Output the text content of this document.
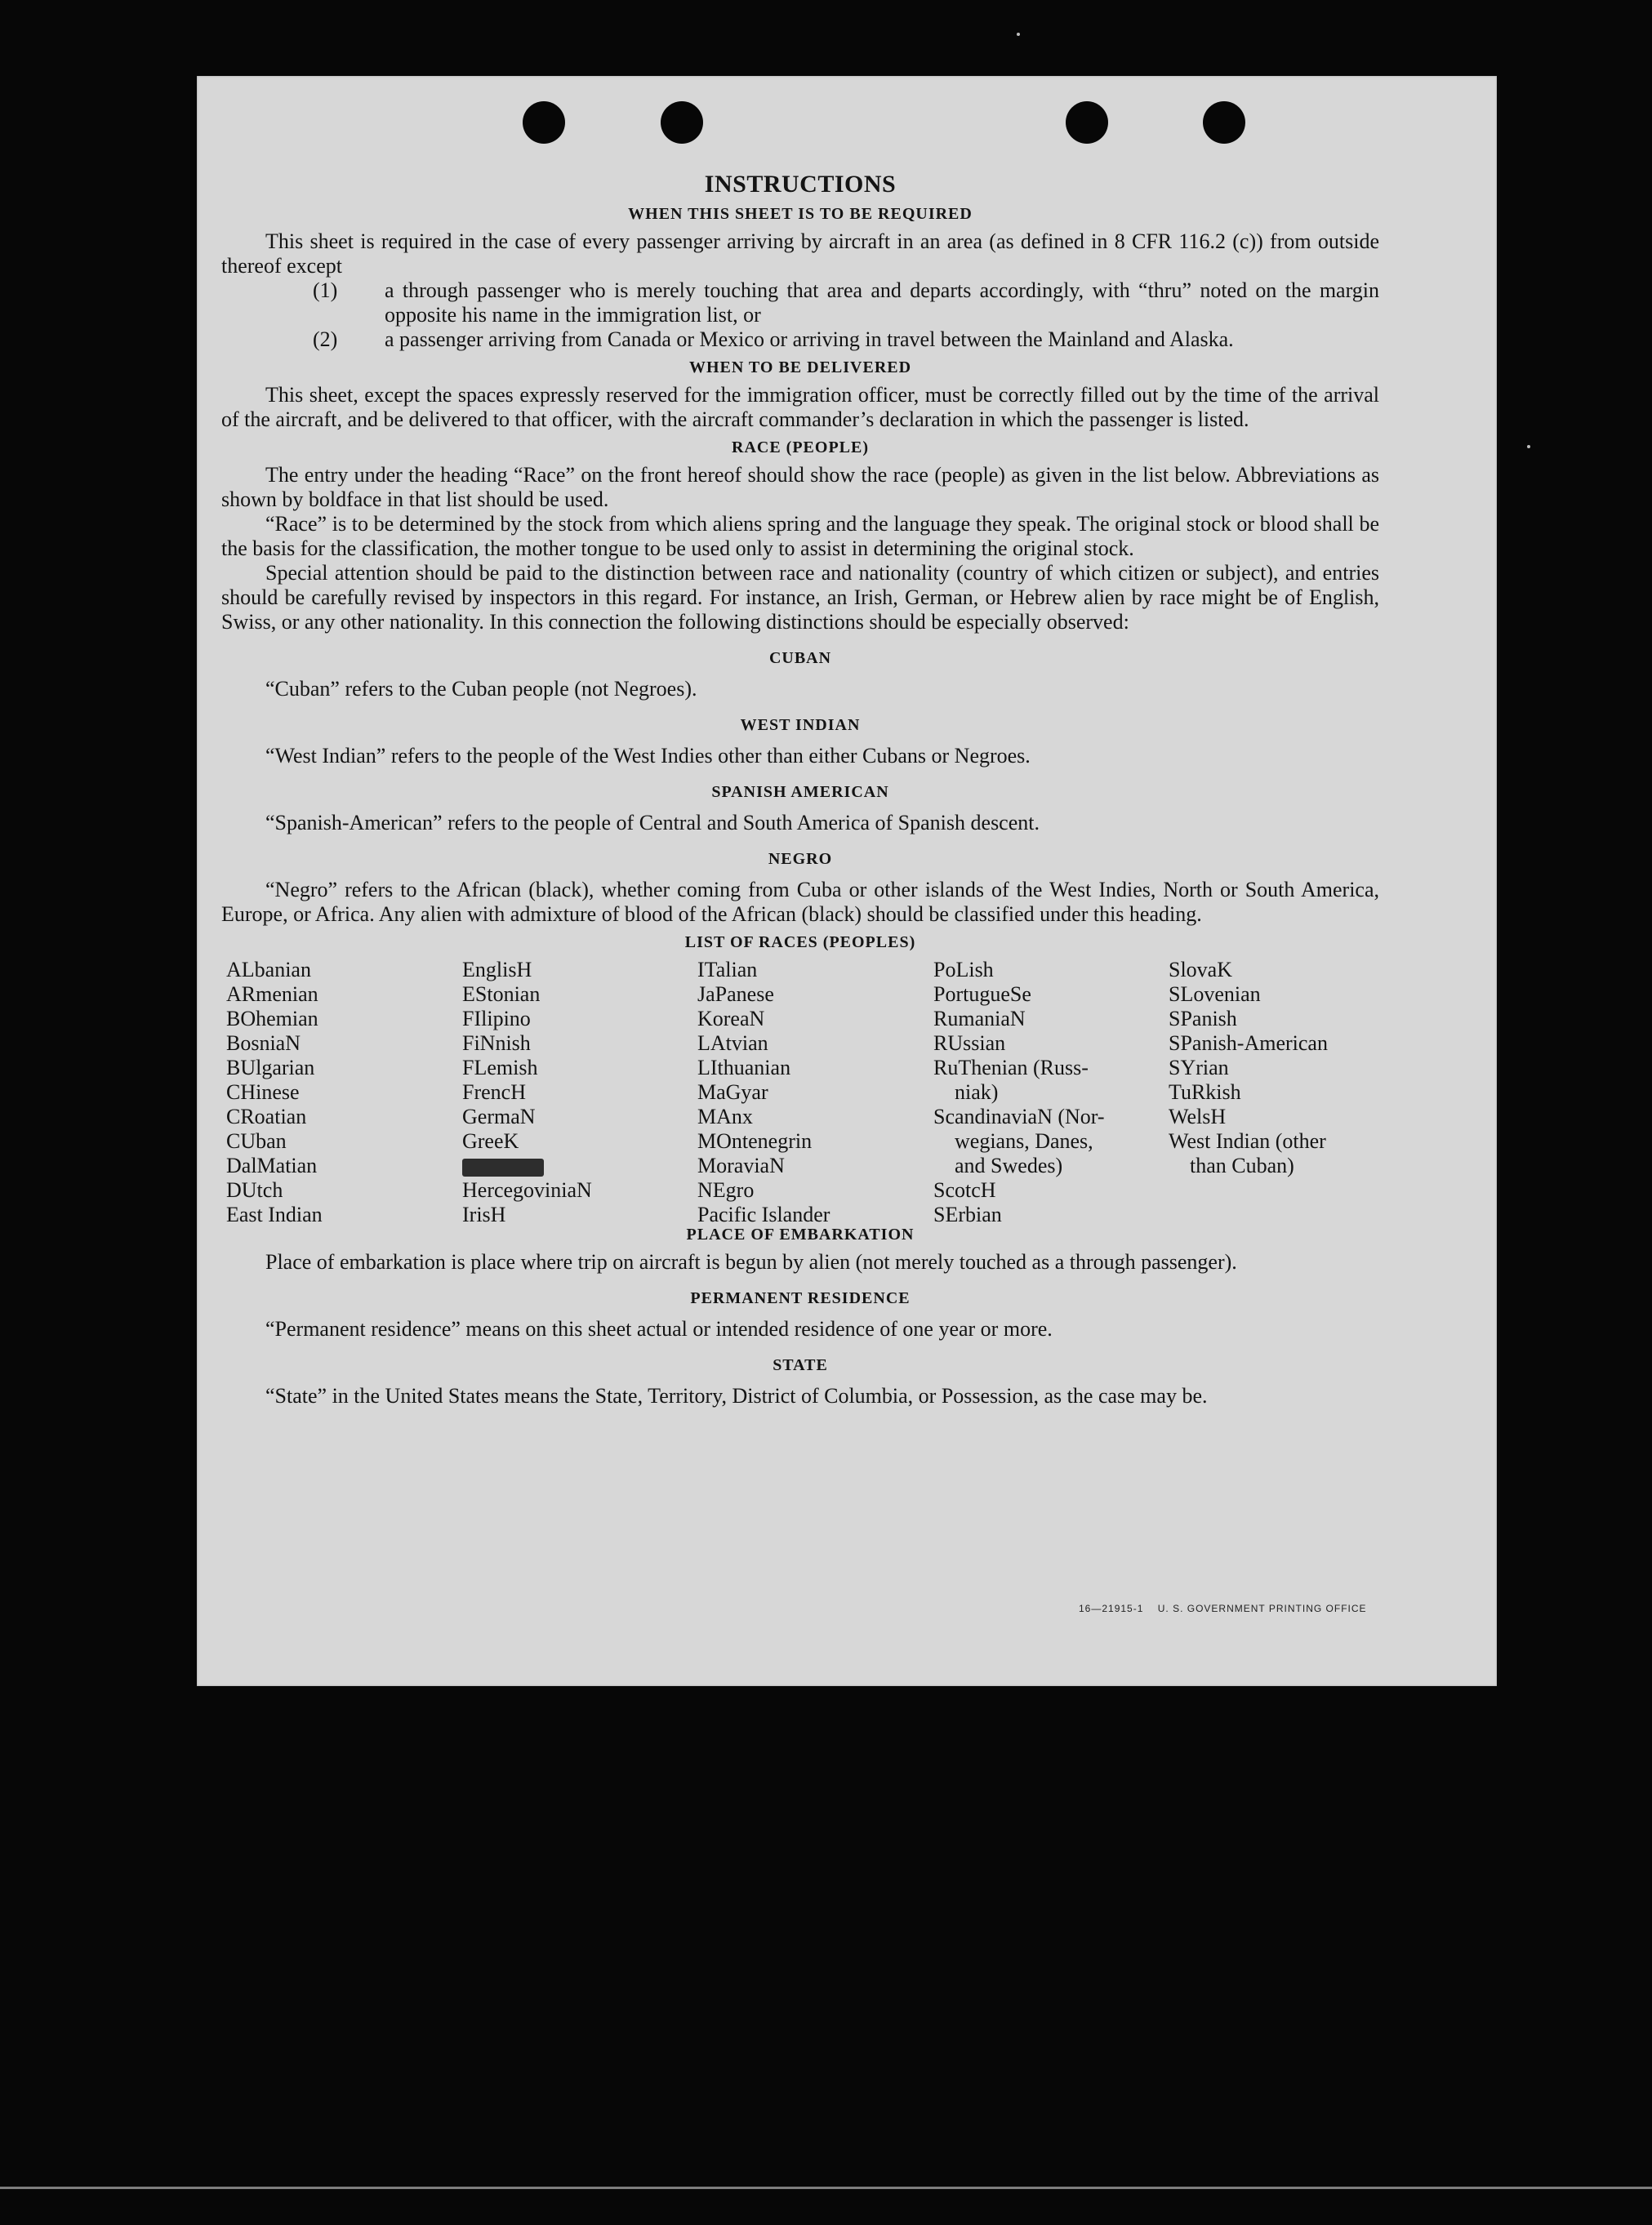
INSTRUCTIONS
WHEN THIS SHEET IS TO BE REQUIRED

This sheet is required in the case of every passenger arriving by aircraft in an area (as defined in 8 CFR 116.2 (c)) from outside thereof except

(1) a through passenger who is merely touching that area and departs accordingly, with “thru” noted on the margin opposite his name in the immigration list, or

(2) a passenger arriving from Canada or Mexico or arriving in travel between the Mainland and Alaska.

WHEN TO BE DELIVERED

This sheet, except the spaces expressly reserved for the immigration officer, must be correctly filled out by the time of the arrival of the aircraft, and be delivered to that officer, with the aircraft commander’s declaration in which the passenger is listed.

RACE (PEOPLE)

The entry under the heading “Race” on the front hereof should show the race (people) as given in the list below. Abbreviations as shown by boldface in that list should be used.

“Race” is to be determined by the stock from which aliens spring and the language they speak. The original stock or blood shall be the basis for the classification, the mother tongue to be used only to assist in determining the original stock.

Special attention should be paid to the distinction between race and nationality (country of which citizen or subject), and entries should be carefully revised by inspectors in this regard. For instance, an Irish, German, or Hebrew alien by race might be of English, Swiss, or any other nationality. In this connection the following distinctions should be especially observed:

CUBAN

“Cuban” refers to the Cuban people (not Negroes).

WEST INDIAN

“West Indian” refers to the people of the West Indies other than either Cubans or Negroes.

SPANISH AMERICAN

“Spanish-American” refers to the people of Central and South America of Spanish descent.

NEGRO

“Negro” refers to the African (black), whether coming from Cuba or other islands of the West Indies, North or South America, Europe, or Africa. Any alien with admixture of blood of the African (black) should be classified under this heading.

LIST OF RACES (PEOPLES)
ALbanian
ARmenian
BOhemian
BosniaN
BUlgarian
CHinese
CRoatian
CUban
DalMatian
DUtch
East Indian
EnglisH
EStonian
FIlipino
FiNnish
FLemish
FrencH
GermaN
GreeK
HercegoviniaN
IrisH
ITalian
JaPanese
KoreaN
LAtvian
LIthuanian
MaGyar
MAnx
MOntenegrin
MoraviaN
NEgro
Pacific Islander
PoLish
PortugueSe
RumaniaN
RUssian
RuThenian (Russ-
niak)
ScandinaviaN (Nor-
wegians, Danes,
and Swedes)
ScotcH
SErbian
SlovaK
SLovenian
SPanish
SPanish-American
SYrian
TuRkish
WelsH
West Indian (other
than Cuban)
PLACE OF EMBARKATION

Place of embarkation is place where trip on aircraft is begun by alien (not merely touched as a through passenger).

PERMANENT RESIDENCE

“Permanent residence” means on this sheet actual or intended residence of one year or more.

STATE

“State” in the United States means the State, Territory, District of Columbia, or Possession, as the case may be.

16—21915-1 U. S. GOVERNMENT PRINTING OFFICE
